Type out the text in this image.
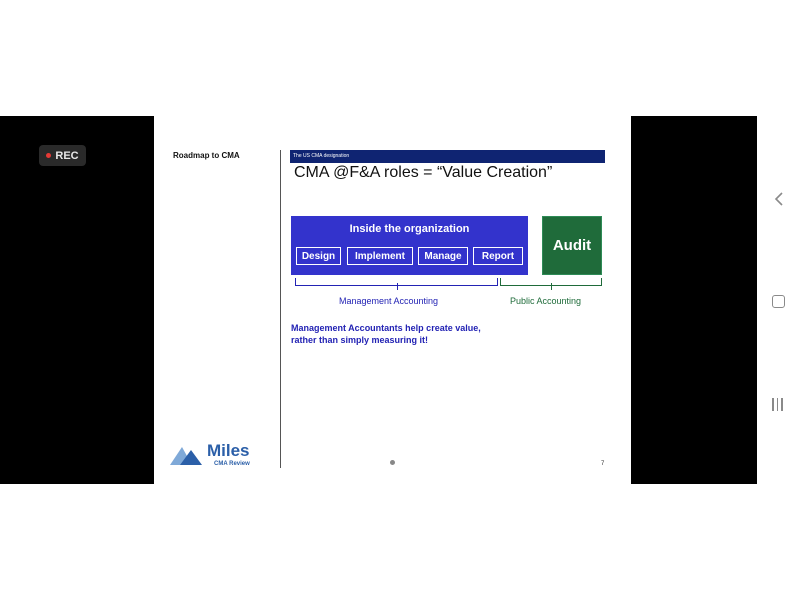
REC	Roadmap to CMA	The US CMA designation
CMA @F&A roles = “Value Creation”
Inside the organization
Design	Implement	Manage	Report
Audit
Management Accounting	Public Accounting
Management Accountants help create value,
rather than simply measuring it!
Miles
CMA Review	7
